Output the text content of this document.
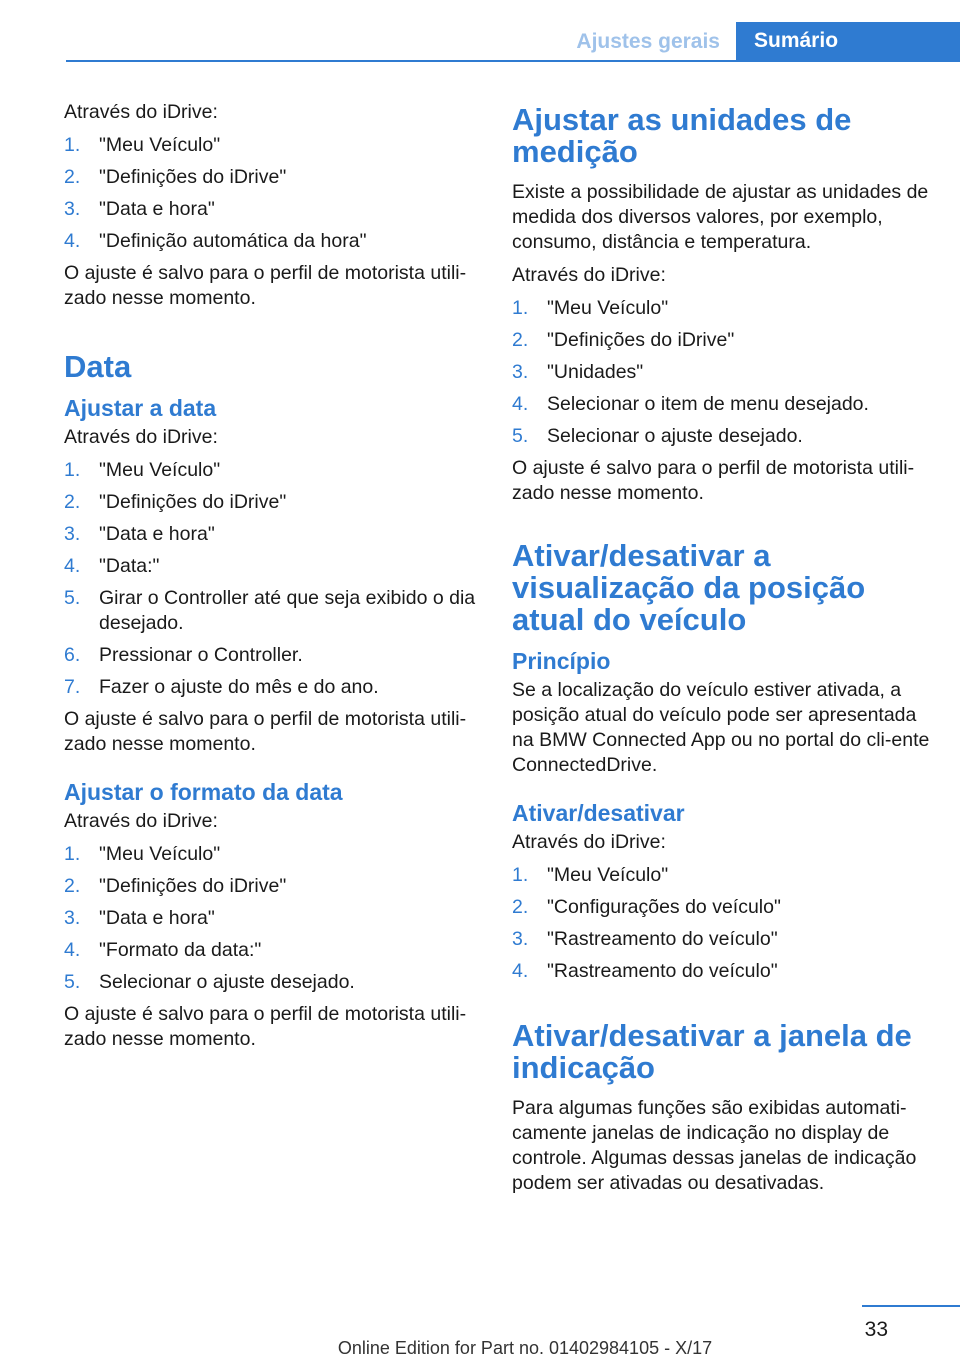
Ajustes gerais	Sumário

Através do iDrive:

1. "Meu Veículo"
2. "Definições do iDrive"
3. "Data e hora"
4. "Definição automática da hora"

O ajuste é salvo para o perfil de motorista utili‐zado nesse momento.

Data
Ajustar a data

Através do iDrive:

1. "Meu Veículo"
2. "Definições do iDrive"
3. "Data e hora"
4. "Data:"
5. Girar o Controller até que seja exibido o dia desejado.
6. Pressionar o Controller.
7. Fazer o ajuste do mês e do ano.

O ajuste é salvo para o perfil de motorista utili‐zado nesse momento.

Ajustar o formato da data

Através do iDrive:

1. "Meu Veículo"
2. "Definições do iDrive"
3. "Data e hora"
4. "Formato da data:"
5. Selecionar o ajuste desejado.

O ajuste é salvo para o perfil de motorista utili‐zado nesse momento.

Ajustar as unidades de medição

Existe a possibilidade de ajustar as unidades de medida dos diversos valores, por exemplo, consumo, distância e temperatura.

Através do iDrive:

1. "Meu Veículo"
2. "Definições do iDrive"
3. "Unidades"
4. Selecionar o item de menu desejado.
5. Selecionar o ajuste desejado.

O ajuste é salvo para o perfil de motorista utili‐zado nesse momento.

Ativar/desativar a visualização da posição atual do veículo
Princípio

Se a localização do veículo estiver ativada, a posição atual do veículo pode ser apresentada na BMW Connected App ou no portal do cli‐ente ConnectedDrive.

Ativar/desativar

Através do iDrive:

1. "Meu Veículo"
2. "Configurações do veículo"
3. "Rastreamento do veículo"
4. "Rastreamento do veículo"
Ativar/desativar a janela de indicação

Para algumas funções são exibidas automati‐camente janelas de indicação no display de controle. Algumas dessas janelas de indicação podem ser ativadas ou desativadas.

33
Online Edition for Part no. 01402984105 - X/17
